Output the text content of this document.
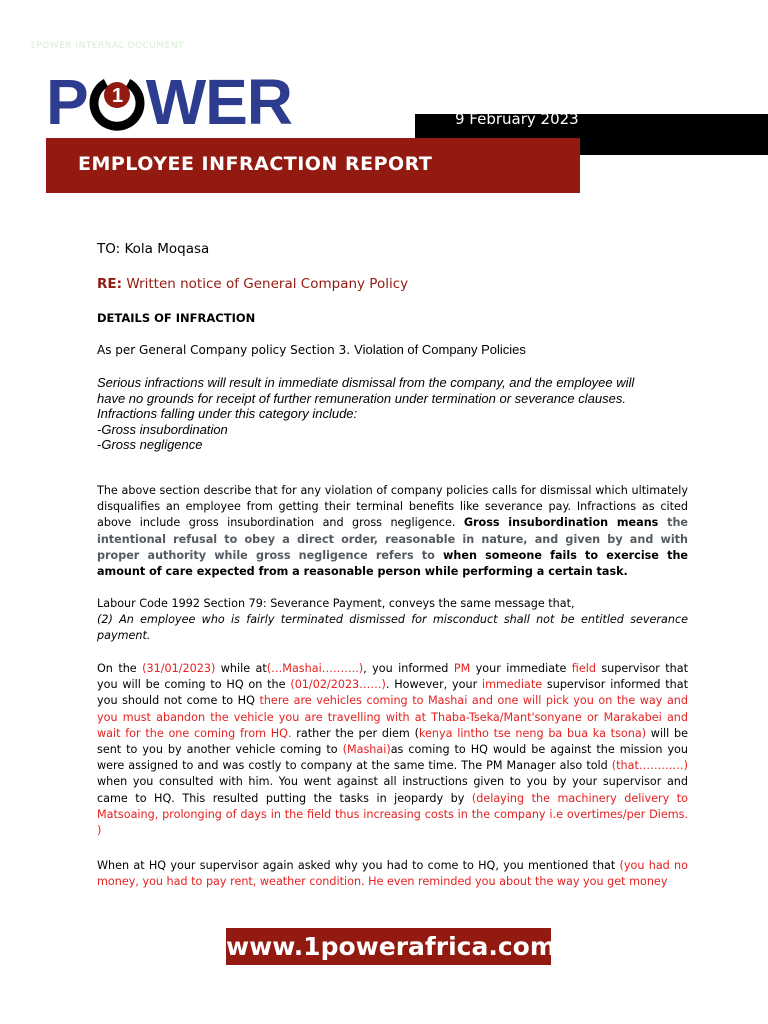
1POWER INTERNAL DOCUMENT
P 1 WER	9 February 2023
EMPLOYEE INFRACTION REPORT
TO: Kola Moqasa
RE: Written notice of General Company Policy
DETAILS OF INFRACTION
As per General Company policy Section 3. Violation of Company Policies
Serious infractions will result in immediate dismissal from the company, and the employee will
have no grounds for receipt of further remuneration under termination or severance clauses.
Infractions falling under this category include:
-Gross insubordination
-Gross negligence
The above section describe that for any violation of company policies calls for dismissal which ultimately disqualifies an employee from getting their terminal benefits like severance pay. Infractions as cited above include gross insubordination and gross negligence. Gross insubordination means the intentional refusal to obey a direct order, reasonable in nature, and given by and with proper authority while gross negligence refers to when someone fails to exercise the amount of care expected from a reasonable person while performing a certain task.
Labour Code 1992 Section 79: Severance Payment, conveys the same message that,
(2) An employee who is fairly terminated dismissed for misconduct shall not be entitled severance payment.
On the (31/01/2023) while at(…Mashai……….), you informed PM your immediate field supervisor that you will be coming to HQ on the (01/02/2023……). However, your immediate supervisor informed that you should not come to HQ there are vehicles coming to Mashai and one will pick you on the way and you must abandon the vehicle you are travelling with at Thaba-Tseka/Mant'sonyane or Marakabei and wait for the one coming from HQ. rather the per diem (kenya lintho tse neng ba bua ka tsona) will be sent to you by another vehicle coming to (Mashai)as coming to HQ would be against the mission you were assigned to and was costly to company at the same time. The PM Manager also told (that…………) when you consulted with him. You went against all instructions given to you by your supervisor and came to HQ. This resulted putting the tasks in jeopardy by (delaying the machinery delivery to Matsoaing, prolonging of days in the field thus increasing costs in the company i.e overtimes/per Diems. )
When at HQ your supervisor again asked why you had to come to HQ, you mentioned that (you had no money, you had to pay rent, weather condition. He even reminded you about the way you get money
www.1powerafrica.com
